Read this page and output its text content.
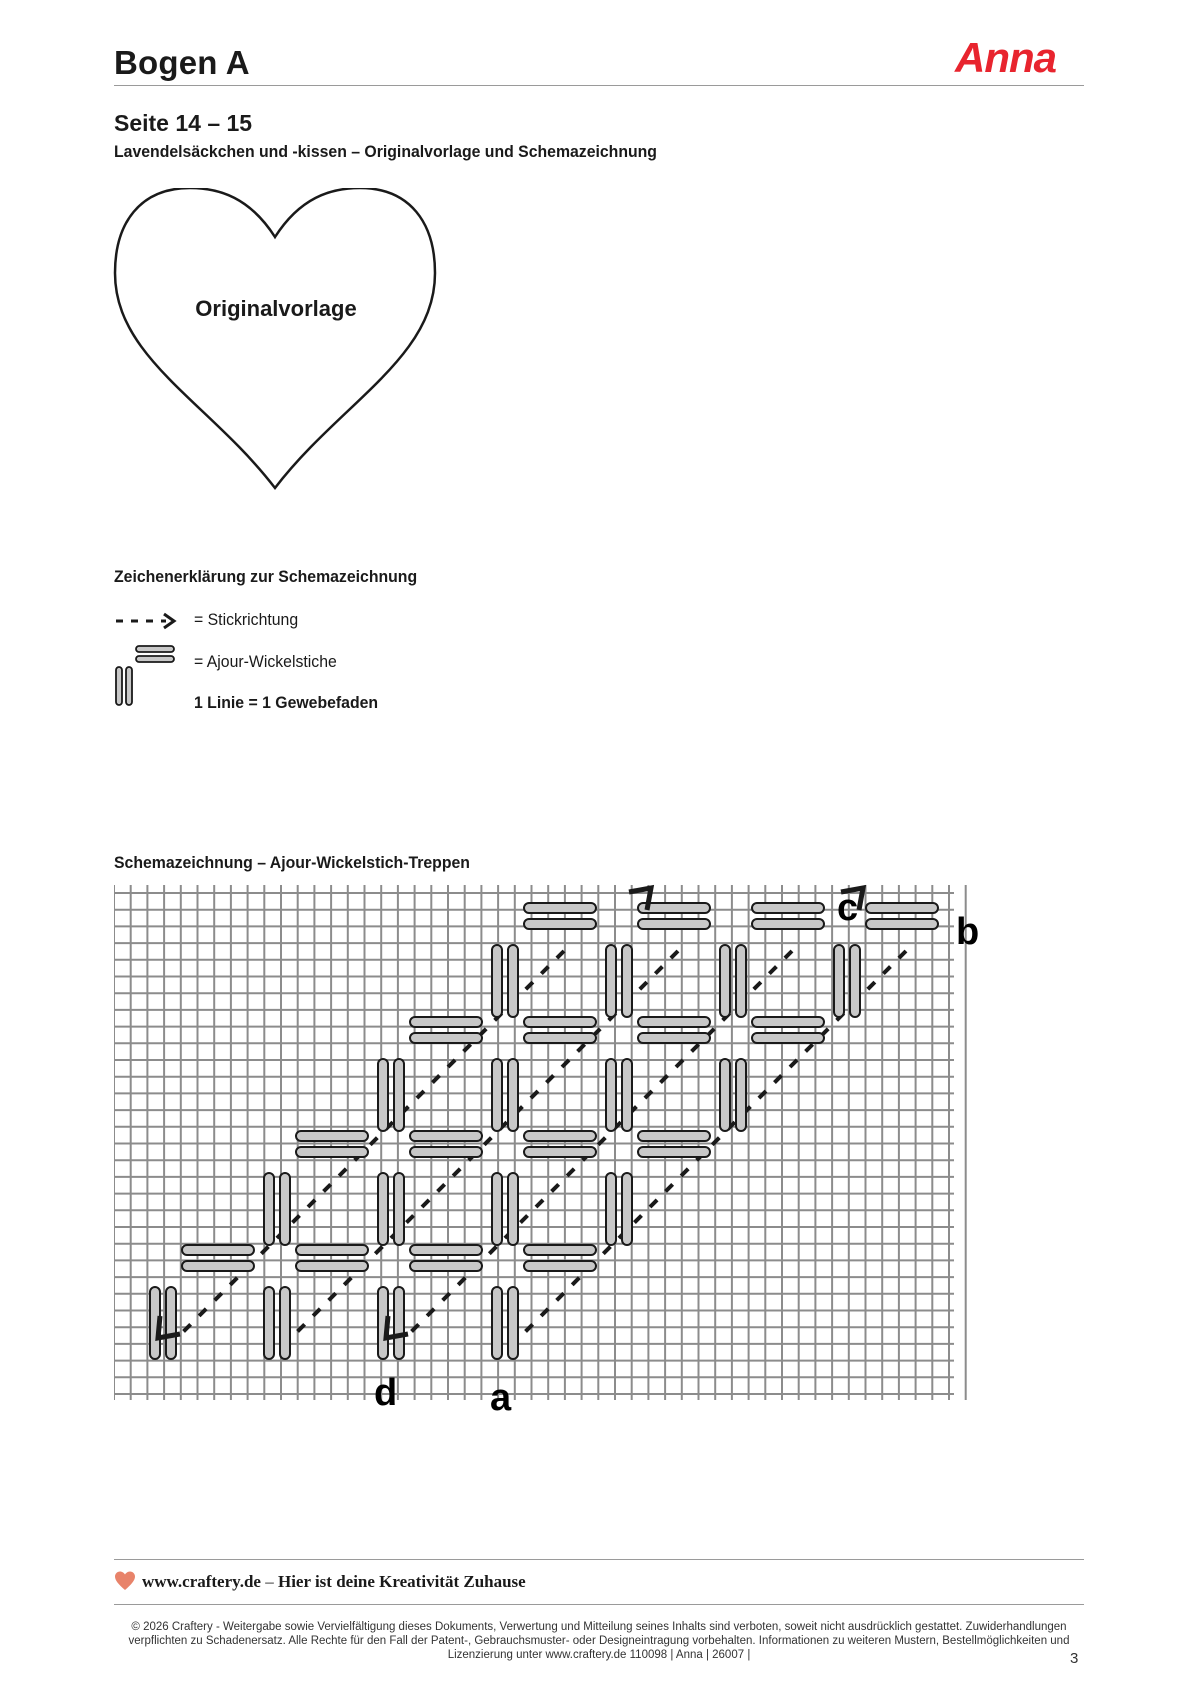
Bogen A	Anna
Seite 14 – 15
Lavendelsäckchen und -kissen – Originalvorlage und Schemazeichnung
Originalvorlage
Zeichenerklärung zur Schemazeichnung
= Stickrichtung
= Ajour-Wickelstiche
1 Linie = 1 Gewebefaden
Schemazeichnung – Ajour-Wickelstich-Treppen
c
b
d a
www.craftery.de – Hier ist deine Kreativität Zuhause
© 2026 Craftery - Weitergabe sowie Vervielfältigung dieses Dokuments, Verwertung und Mitteilung seines Inhalts sind verboten, soweit nicht ausdrücklich gestattet. Zuwiderhandlungen verpflichten zu Schadenersatz. Alle Rechte für den Fall der Patent-, Gebrauchsmuster- oder Designeintragung vorbehalten. Informationen zu weiteren Mustern, Bestellmöglichkeiten und Lizenzierung unter www.craftery.de 110098 | Anna | 26007 |	3
